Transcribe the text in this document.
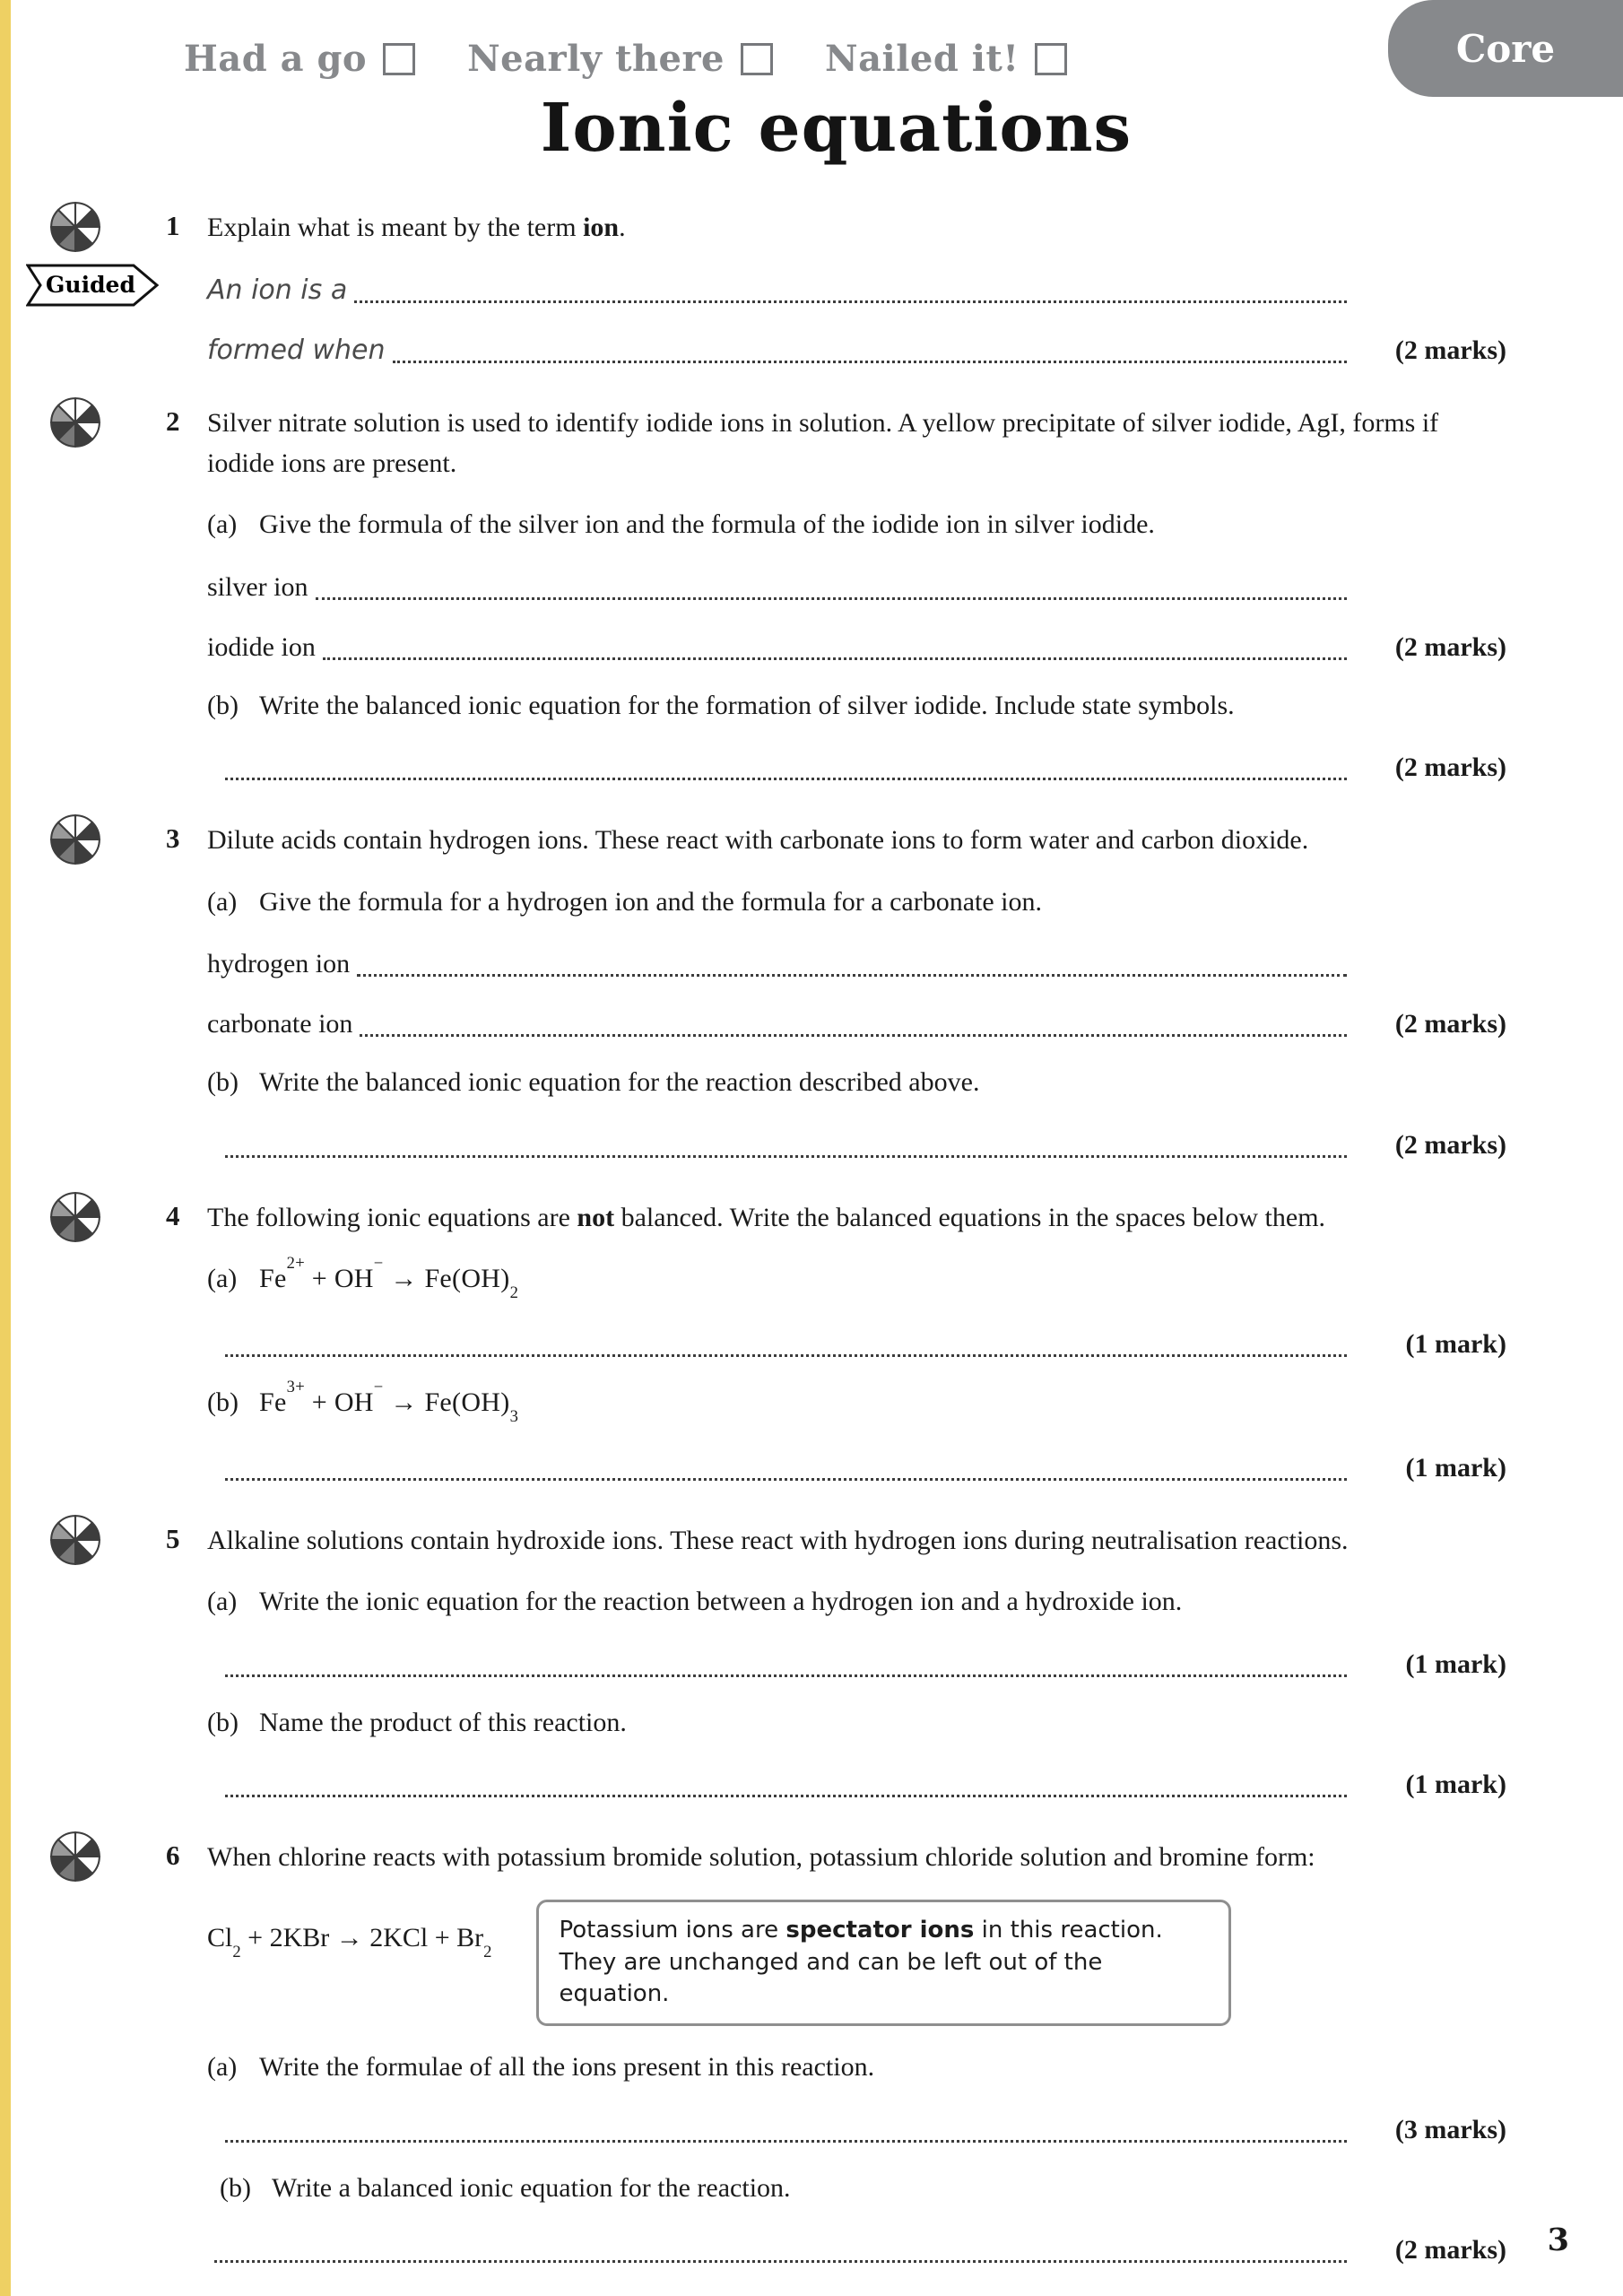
Had a go	Nearly there	Nailed it!	Core
Ionic equations
Guided
1	Explain what is meant by the term ion.

An ion is a
formed when	(2 marks)
2	Silver nitrate solution is used to identify iodide ions in solution. A yellow precipitate of silver iodide, AgI, forms if iodide ions are present.

(a) Give the formula of the silver ion and the formula of the iodide ion in silver iodide.
silver ion
iodide ion	(2 marks)
(b) Write the balanced ionic equation for the formation of silver iodide. Include state symbols.
(2 marks)
3	Dilute acids contain hydrogen ions. These react with carbonate ions to form water and carbon dioxide.

(a) Give the formula for a hydrogen ion and the formula for a carbonate ion.
hydrogen ion
carbonate ion	(2 marks)
(b) Write the balanced ionic equation for the reaction described above.
(2 marks)
4	The following ionic equations are not balanced. Write the balanced equations in the spaces below them.

(a) $Fe^{2+} + OH^- \to Fe(OH)_2$
(1 mark)
(b) $Fe^{3+} + OH^- \to Fe(OH)_3$
(1 mark)
5	Alkaline solutions contain hydroxide ions. These react with hydrogen ions during neutralisation reactions.

(a) Write the ionic equation for the reaction between a hydrogen ion and a hydroxide ion.
(1 mark)
(b) Name the product of this reaction.
(1 mark)
6	When chlorine reacts with potassium bromide solution, potassium chloride solution and bromine form:

$Cl_2 + 2KBr \to 2KCl + Br_2$
Potassium ions are spectator ions in this reaction. They are unchanged and can be left out of the equation.
(a) Write the formulae of all the ions present in this reaction.
(3 marks)
(b) Write a balanced ionic equation for the reaction.
(2 marks) 3
